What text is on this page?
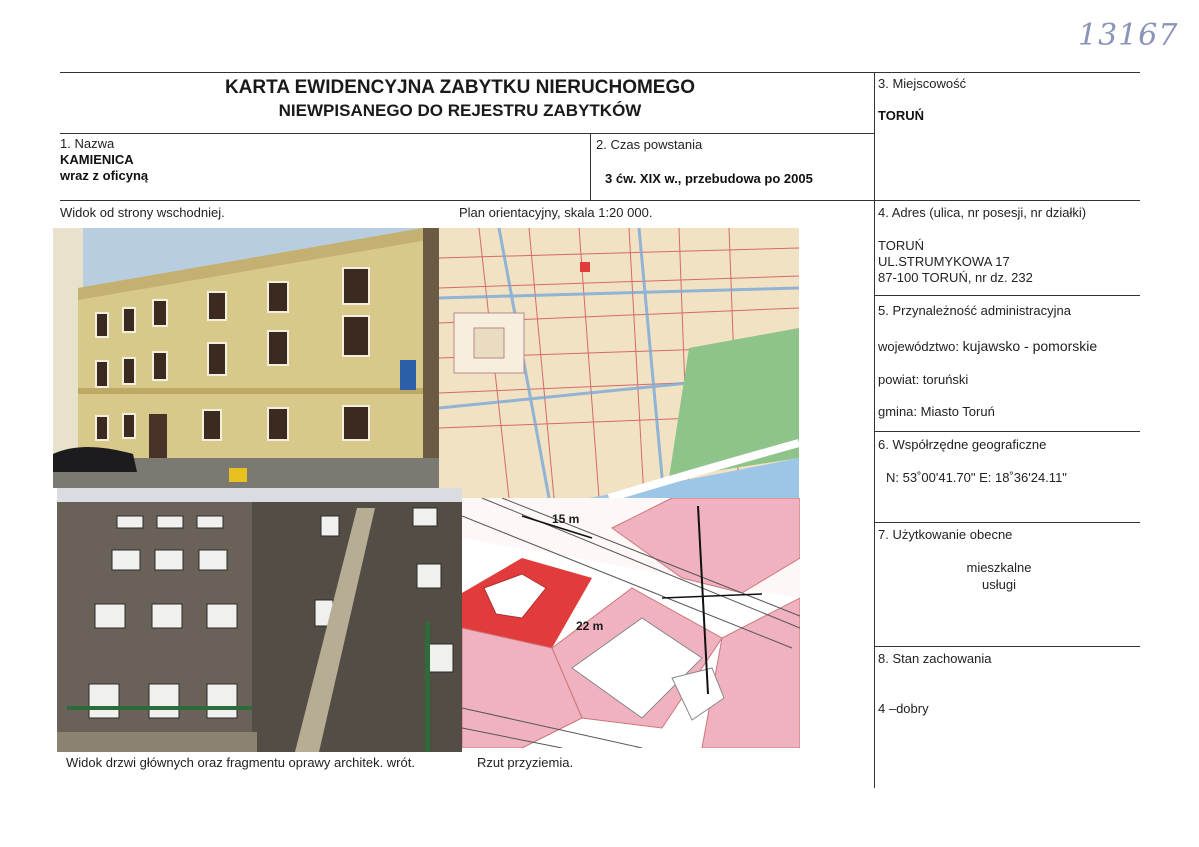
13167
KARTA EWIDENCYJNA ZABYTKU NIERUCHOMEGO
NIEWPISANEGO DO REJESTRU ZABYTKÓW
1. Nazwa
KAMIENICA
wraz z oficyną
2. Czas powstania
3 ćw. XIX w., przebudowa po 2005
3. Miejscowość
TORUŃ
4. Adres (ulica, nr posesji, nr działki)
TORUŃ
UL.STRUMYKOWA 17
87-100 TORUŃ, nr dz. 232
5. Przynależność administracyjna
województwo: kujawsko - pomorskie
powiat: toruński
gmina: Miasto Toruń
6. Współrzędne geograficzne
N: 53˚00'41.70" E: 18˚36'24.11"
7. Użytkowanie obecne
mieszkalne
usługi
8. Stan zachowania
4 –dobry
Widok od strony wschodniej.	Plan orientacyjny, skala 1:20 000.
Widok drzwi głównych oraz fragmentu oprawy architek. wrót.	Rzut przyziemia.
15 m
22 m
